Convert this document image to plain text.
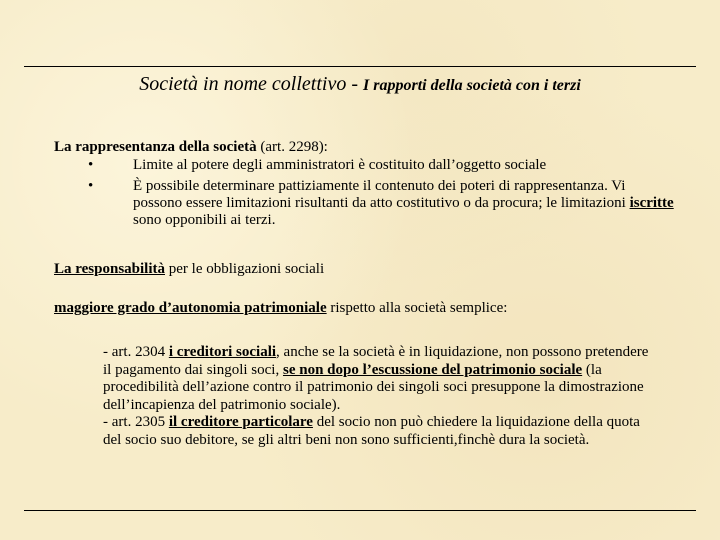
Società in nome collettivo - I rapporti della società con i terzi
La rappresentanza della società (art. 2298):
•	Limite al potere degli amministratori è costituito dall’oggetto sociale
•	È possibile determinare pattiziamente il contenuto dei poteri di rappresentanza. Vi possono essere limitazioni risultanti da atto costitutivo o da procura; le limitazioni iscritte sono opponibili ai terzi.
La responsabilità per le obbligazioni sociali
maggiore grado d’autonomia patrimoniale rispetto alla società semplice:
- art. 2304 i creditori sociali, anche se la società è in liquidazione, non possono pretendere il pagamento dai singoli soci, se non dopo l’escussione del patrimonio sociale (la procedibilità dell’azione contro il patrimonio dei singoli soci presuppone la dimostrazione dell’incapienza del patrimonio sociale).
- art. 2305 il creditore particolare del socio non può chiedere la liquidazione della quota del socio suo debitore, se gli altri beni non sono sufficienti,finchè dura la società.
